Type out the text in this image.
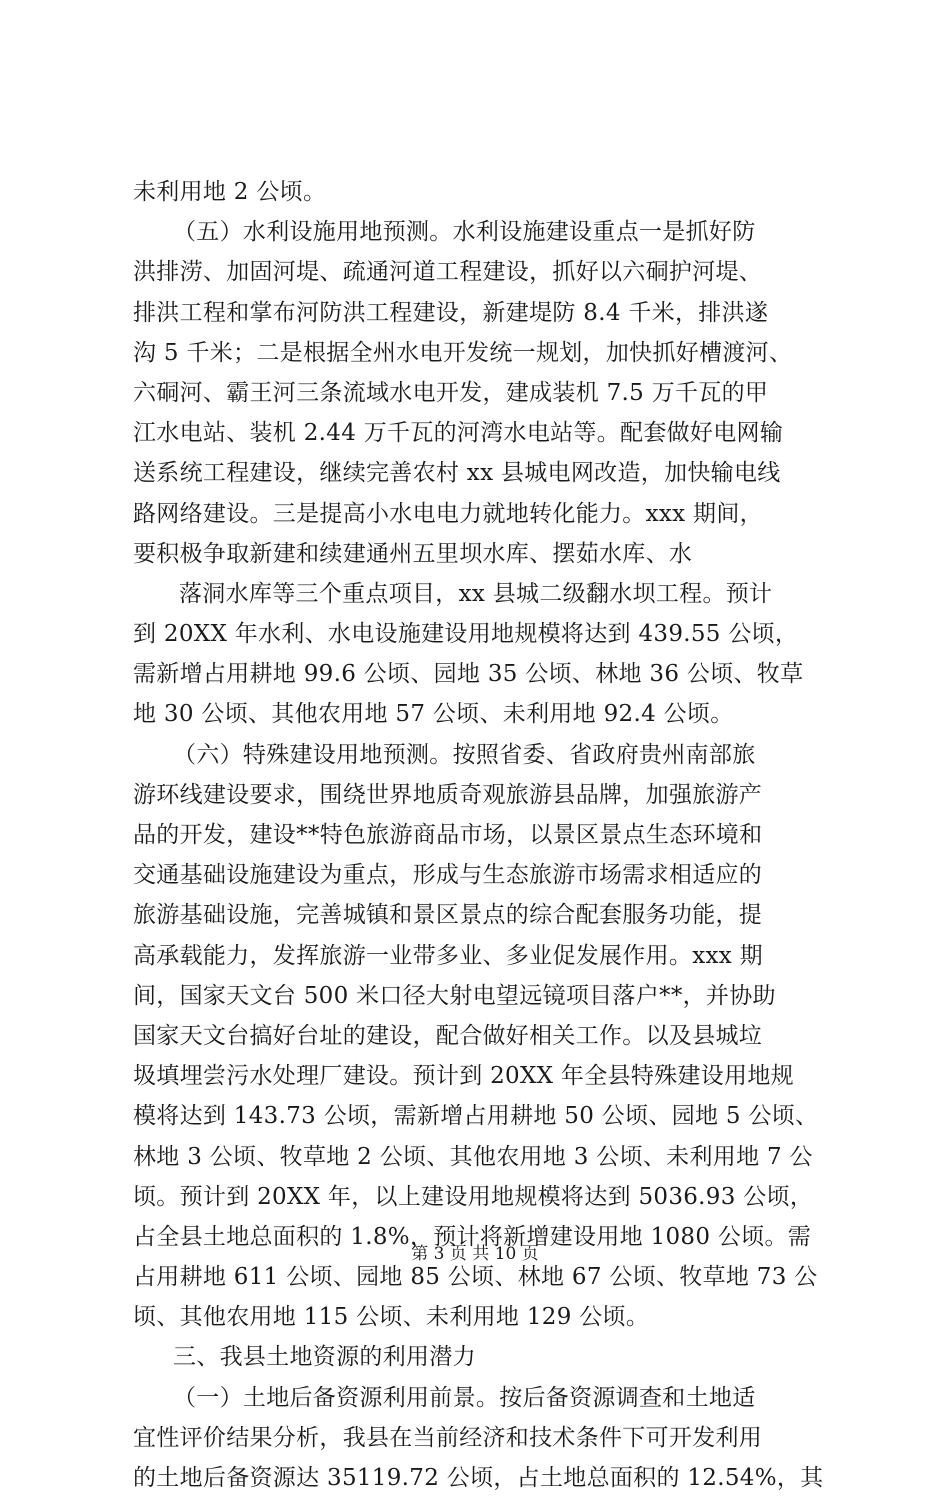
未利用地 2 公顷。
（五）水利设施用地预测。水利设施建设重点一是抓好防
洪排涝、加固河堤、疏通河道工程建设，抓好以六硐护河堤、
排洪工程和掌布河防洪工程建设，新建堤防 8.4 千米，排洪遂
沟 5 千米；二是根据全州水电开发统一规划，加快抓好槽渡河、
六硐河、霸王河三条流域水电开发，建成装机 7.5 万千瓦的甲
江水电站、装机 2.44 万千瓦的河湾水电站等。配套做好电网输
送系统工程建设，继续完善农村 xx 县城电网改造，加快输电线
路网络建设。三是提高小水电电力就地转化能力。xxx 期间，
要积极争取新建和续建通州五里坝水库、摆茹水库、水
落洞水库等三个重点项目，xx 县城二级翻水坝工程。预计
到 20XX 年水利、水电设施建设用地规模将达到 439.55 公顷，
需新增占用耕地 99.6 公顷、园地 35 公顷、林地 36 公顷、牧草
地 30 公顷、其他农用地 57 公顷、未利用地 92.4 公顷。
（六）特殊建设用地预测。按照省委、省政府贵州南部旅
游环线建设要求，围绕世界地质奇观旅游县品牌，加强旅游产
品的开发，建设**特色旅游商品市场，以景区景点生态环境和
交通基础设施建设为重点，形成与生态旅游市场需求相适应的
旅游基础设施，完善城镇和景区景点的综合配套服务功能，提
高承载能力，发挥旅游一业带多业、多业促发展作用。xxx 期
间，国家天文台 500 米口径大射电望远镜项目落户**，并协助
国家天文台搞好台址的建设，配合做好相关工作。以及县城垃
圾填埋尝污水处理厂建设。预计到 20XX 年全县特殊建设用地规
模将达到 143.73 公顷，需新增占用耕地 50 公顷、园地 5 公顷、
林地 3 公顷、牧草地 2 公顷、其他农用地 3 公顷、未利用地 7 公
顷。预计到 20XX 年，以上建设用地规模将达到 5036.93 公顷，
占全县土地总面积的 1.8%，预计将新增建设用地 1080 公顷。需
占用耕地 611 公顷、园地 85 公顷、林地 67 公顷、牧草地 73 公
顷、其他农用地 115 公顷、未利用地 129 公顷。
三、我县土地资源的利用潜力
（一）土地后备资源利用前景。按后备资源调查和土地适
宜性评价结果分析，我县在当前经济和技术条件下可开发利用
的土地后备资源达 35119.72 公顷，占土地总面积的 12.54%，其
第 3 页 共 10 页
